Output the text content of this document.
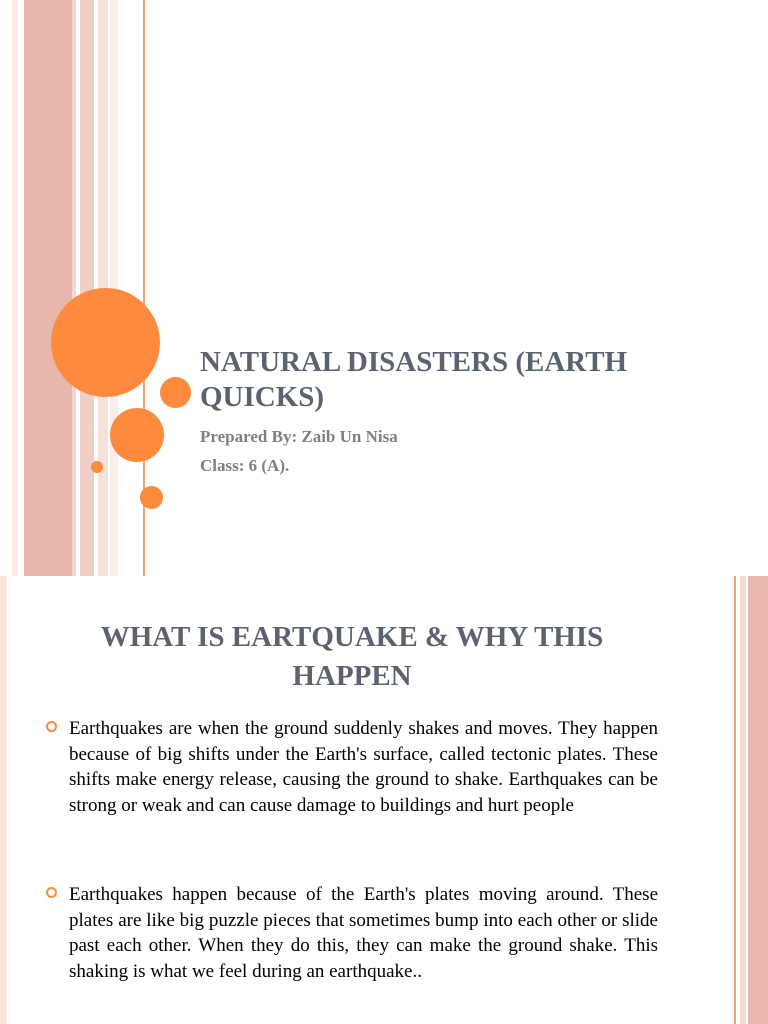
NATURAL DISASTERS (EARTH QUICKS)

Prepared By: Zaib Un Nisa

Class: 6 (A).

WHAT IS EARTQUAKE & WHY THIS HAPPEN
Earthquakes are when the ground suddenly shakes and moves. They happen because of big shifts under the Earth's surface, called tectonic plates. These shifts make energy release, causing the ground to shake. Earthquakes can be strong or weak and can cause damage to buildings and hurt people
Earthquakes happen because of the Earth's plates moving around. These plates are like big puzzle pieces that sometimes bump into each other or slide past each other. When they do this, they can make the ground shake. This shaking is what we feel during an earthquake..
